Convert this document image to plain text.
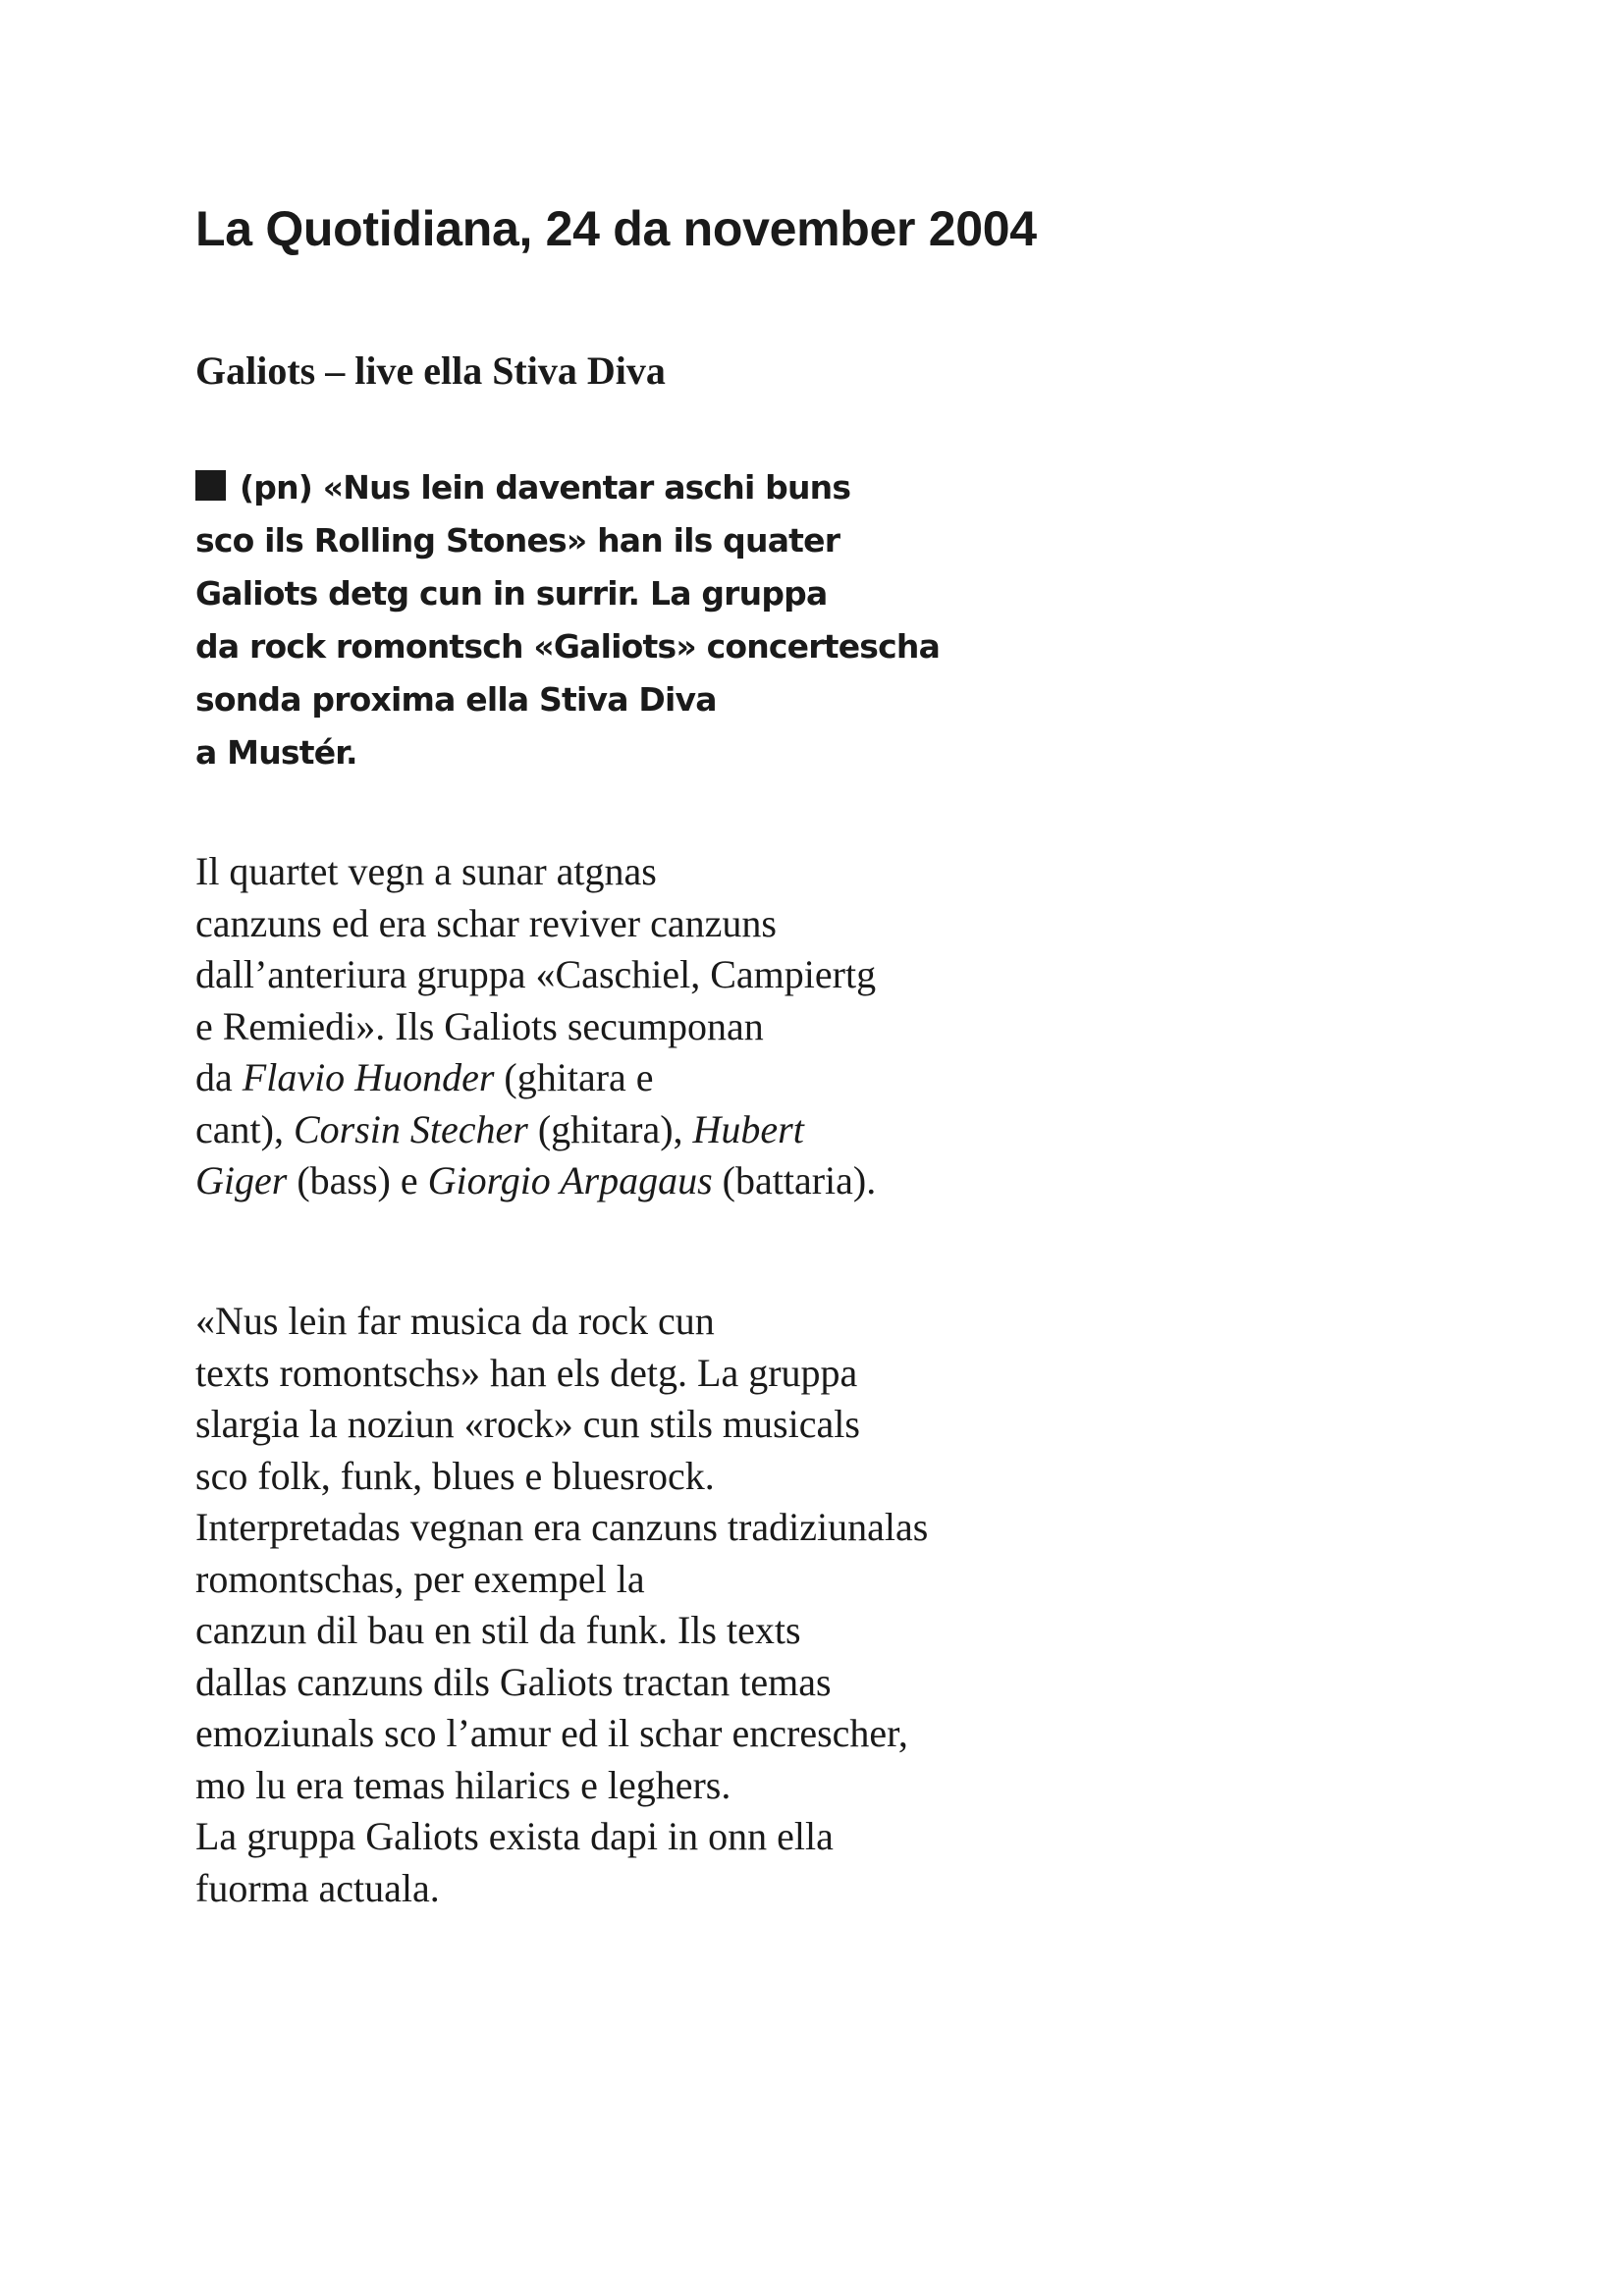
La Quotidiana, 24 da november 2004
Galiots – live ella Stiva Diva
(pn) «Nus lein daventar aschi buns
sco ils Rolling Stones» han ils quater
Galiots detg cun in surrir. La gruppa
da rock romontsch «Galiots» concertescha
sonda proxima ella Stiva Diva
a Mustér.
Il quartet vegn a sunar atgnas
canzuns ed era schar reviver canzuns
dall’anteriura gruppa «Caschiel, Campiertg
e Remiedi». Ils Galiots secumponan
da Flavio Huonder (ghitara e
cant), Corsin Stecher (ghitara), Hubert
Giger (bass) e Giorgio Arpagaus (battaria).
«Nus lein far musica da rock cun
texts romontschs» han els detg. La gruppa
slargia la noziun «rock» cun stils musicals
sco folk, funk, blues e bluesrock.
Interpretadas vegnan era canzuns tradiziunalas
romontschas, per exempel la
canzun dil bau en stil da funk. Ils texts
dallas canzuns dils Galiots tractan temas
emoziunals sco l’amur ed il schar encrescher,
mo lu era temas hilarics e leghers.
La gruppa Galiots exista dapi in onn ella
fuorma actuala.
